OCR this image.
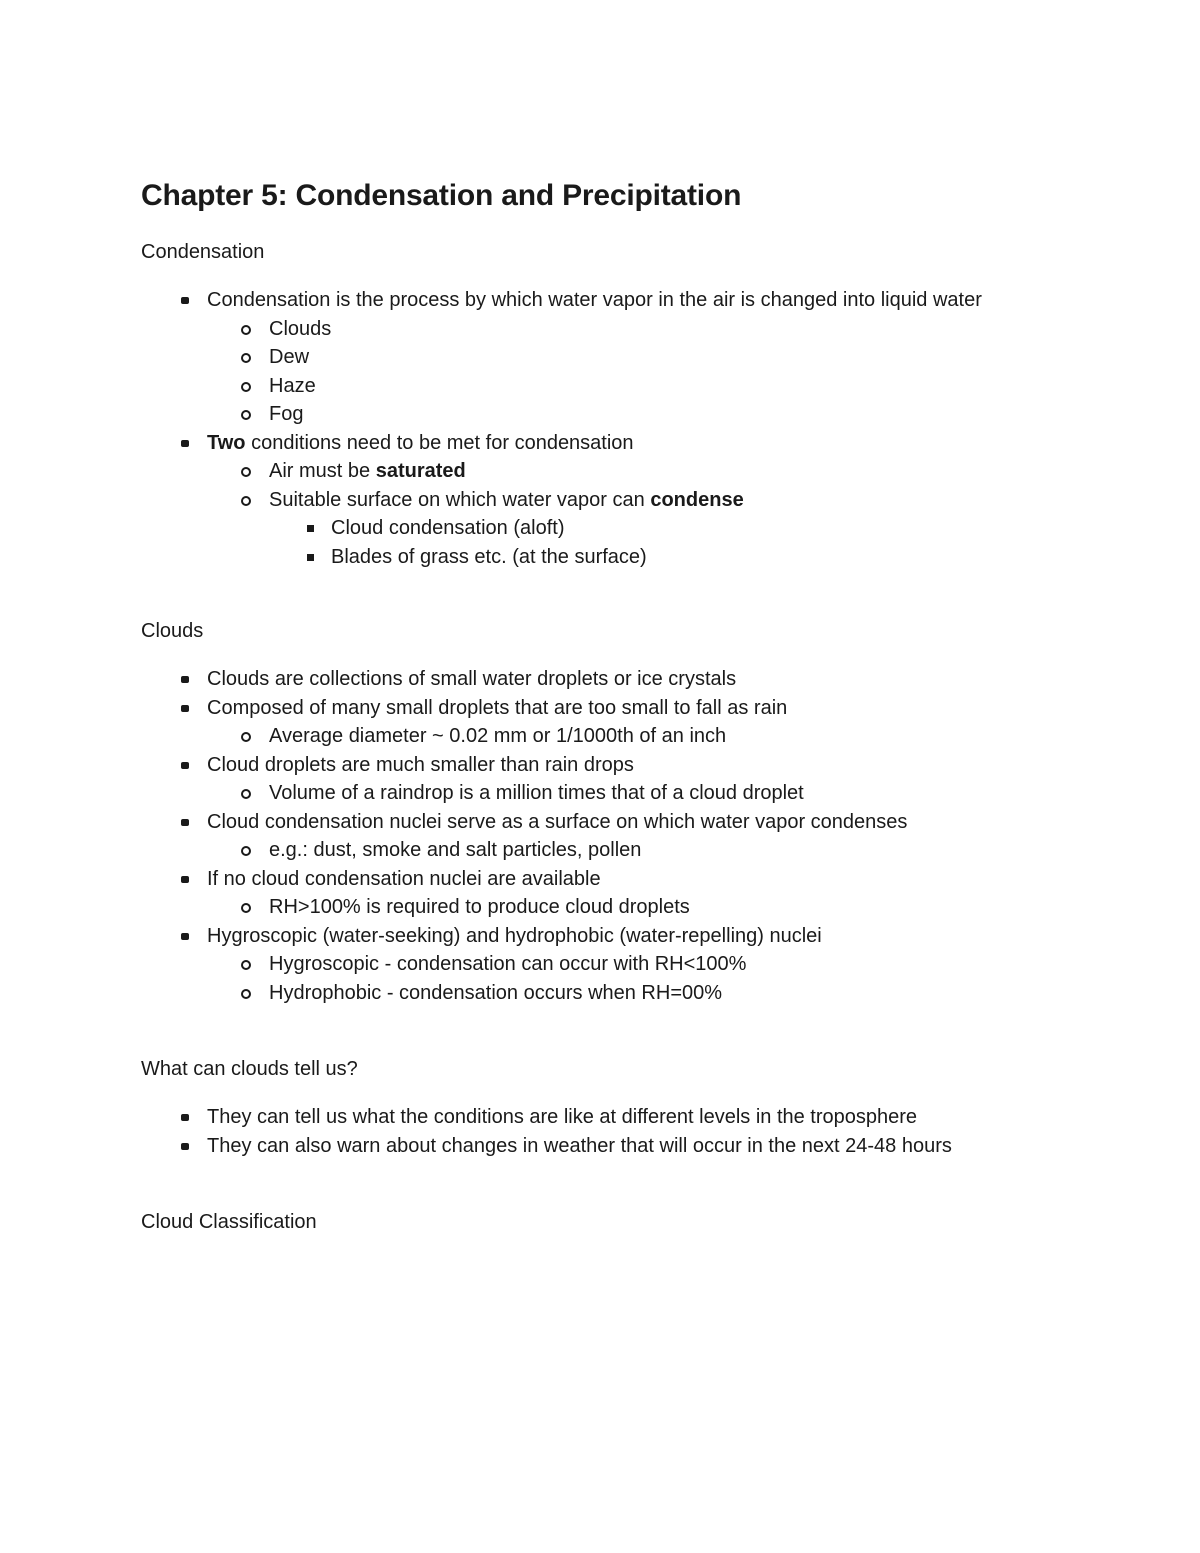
Chapter 5: Condensation and Precipitation

Condensation

Condensation is the process by which water vapor in the air is changed into liquid water
Clouds
Dew
Haze
Fog
Two conditions need to be met for condensation
Air must be saturated
Suitable surface on which water vapor can condense
Cloud condensation (aloft)
Blades of grass etc. (at the surface)

Clouds

Clouds are collections of small water droplets or ice crystals
Composed of many small droplets that are too small to fall as rain
Average diameter ~ 0.02 mm or 1/1000th of an inch
Cloud droplets are much smaller than rain drops
Volume of a raindrop is a million times that of a cloud droplet
Cloud condensation nuclei serve as a surface on which water vapor condenses
e.g.: dust, smoke and salt particles, pollen
If no cloud condensation nuclei are available
RH>100% is required to produce cloud droplets
Hygroscopic (water-seeking) and hydrophobic (water-repelling) nuclei
Hygroscopic - condensation can occur with RH<100%
Hydrophobic - condensation occurs when RH=00%

What can clouds tell us?

They can tell us what the conditions are like at different levels in the troposphere
They can also warn about changes in weather that will occur in the next 24-48 hours

Cloud Classification
